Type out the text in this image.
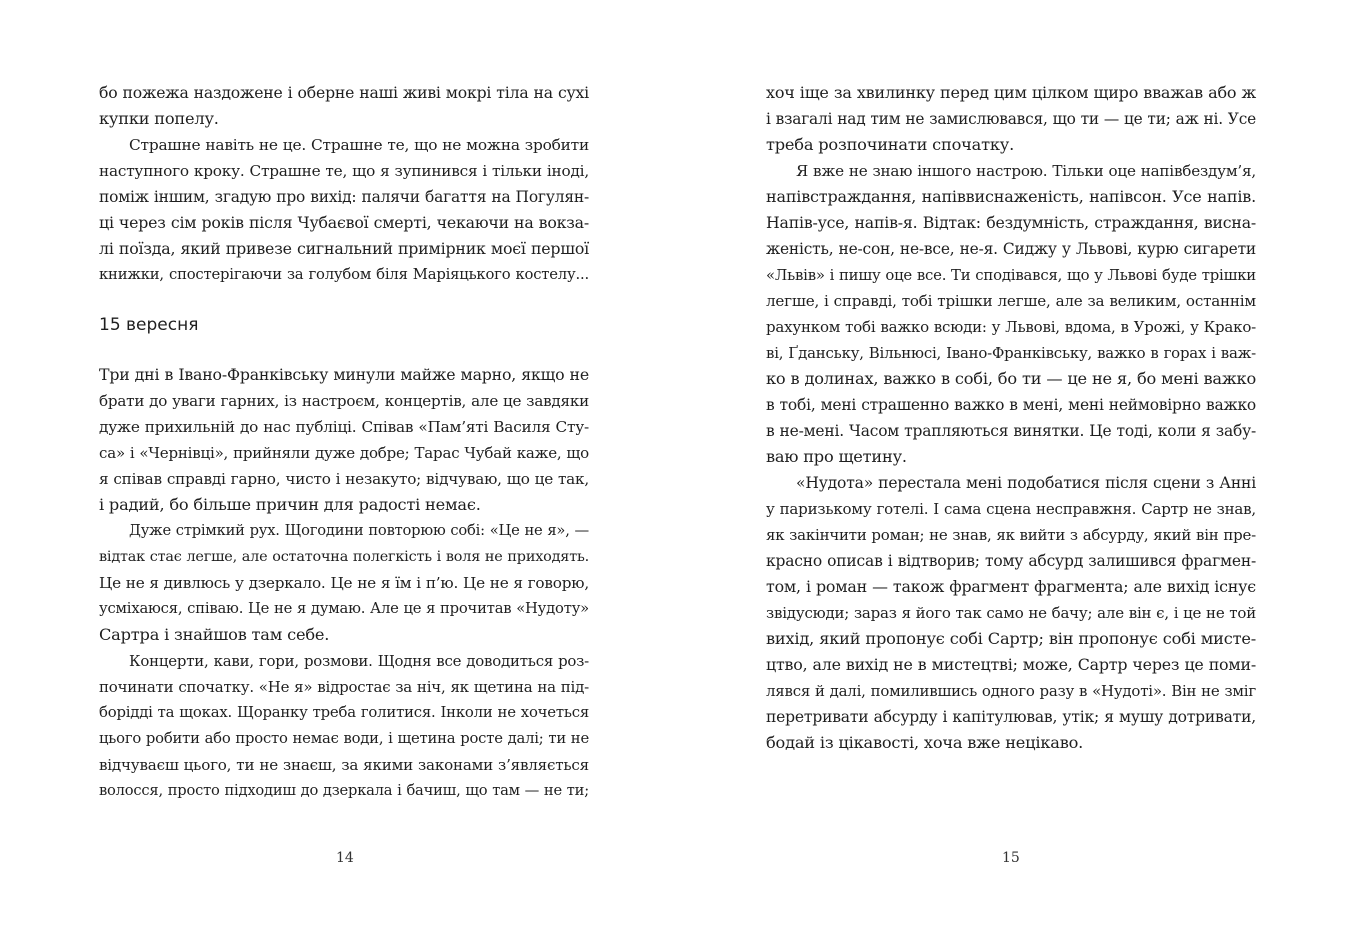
бо пожежа наздожене і оберне наші живі мокрі тіла на сухі
купки попелу.
Страшне навіть не це. Страшне те, що не можна зробити
наступного кроку. Страшне те, що я зупинився і тільки іноді,
поміж іншим, згадую про вихід: палячи багаття на Погулян-
ці через сім років після Чубаєвої смерті, чекаючи на вокза-
лі поїзда, який привезе сигнальний примірник моєї першої
книжки, спостерігаючи за голубом біля Маріяцького костелу...
15 вересня
Три дні в Івано-Франківську минули майже марно, якщо не
брати до уваги гарних, із настроєм, концертів, але це завдяки
дуже прихильній до нас публіці. Співав «Пам’яті Василя Сту-
са» і «Чернівці», прийняли дуже добре; Тарас Чубай каже, що
я співав справді гарно, чисто і незакуто; відчуваю, що це так,
і радий, бо більше причин для радості немає.
Дуже стрімкий рух. Щогодини повторюю собі: «Це не я», —
відтак стає легше, але остаточна полегкість і воля не приходять.
Це не я дивлюсь у дзеркало. Це не я їм і п’ю. Це не я говорю,
усміхаюся, співаю. Це не я думаю. Але це я прочитав «Нудоту»
Сартра і знайшов там себе.
Концерти, кави, гори, розмови. Щодня все доводиться роз-
починати спочатку. «Не я» відростає за ніч, як щетина на під-
борідді та щоках. Щоранку треба голитися. Інколи не хочеться
цього робити або просто немає води, і щетина росте далі; ти не
відчуваєш цього, ти не знаєш, за якими законами з’являється
волосся, просто підходиш до дзеркала і бачиш, що там — не ти;
14
хоч іще за хвилинку перед цим цілком щиро вважав або ж
і взагалі над тим не замислювався, що ти — це ти; аж ні. Усе
треба розпочинати спочатку.
Я вже не знаю іншого настрою. Тільки оце напівбездум’я,
напівстраждання, напіввиснаженість, напівсон. Усе напів.
Напів-усе, напів-я. Відтак: бездумність, страждання, висна-
женість, не-сон, не-все, не-я. Сиджу у Львові, курю сигарети
«Львів» і пишу оце все. Ти сподівався, що у Львові буде трішки
легше, і справді, тобі трішки легше, але за великим, останнім
рахунком тобі важко всюди: у Львові, вдома, в Урожі, у Кракo-
ві, Ґданську, Вільнюсі, Івано-Франківську, важко в горах і важ-
ко в долинах, важко в собі, бо ти — це не я, бо мені важко
в тобі, мені страшенно важко в мені, мені неймовірно важко
в не-мені. Часом трапляються винятки. Це тоді, коли я забу-
ваю про щетину.
«Нудота» перестала мені подобатися після сцени з Анні
у паризькому готелі. І сама сцена несправжня. Сартр не знав,
як закінчити роман; не знав, як вийти з абсурду, який він пре-
красно описав і відтворив; тому абсурд залишився фрагмен-
том, і роман — також фрагмент фрагмента; але вихід існує
звідусюди; зараз я його так само не бачу; але він є, і це не той
вихід, який пропонує собі Сартр; він пропонує собі мисте-
цтво, але вихід не в мистецтві; може, Сартр через це поми-
лявся й далі, помилившись одного разу в «Нудоті». Він не зміг
перетривати абсурду і капітулював, утік; я мушу дотривати,
бодай із цікавості, хоча вже нецікаво.
15
